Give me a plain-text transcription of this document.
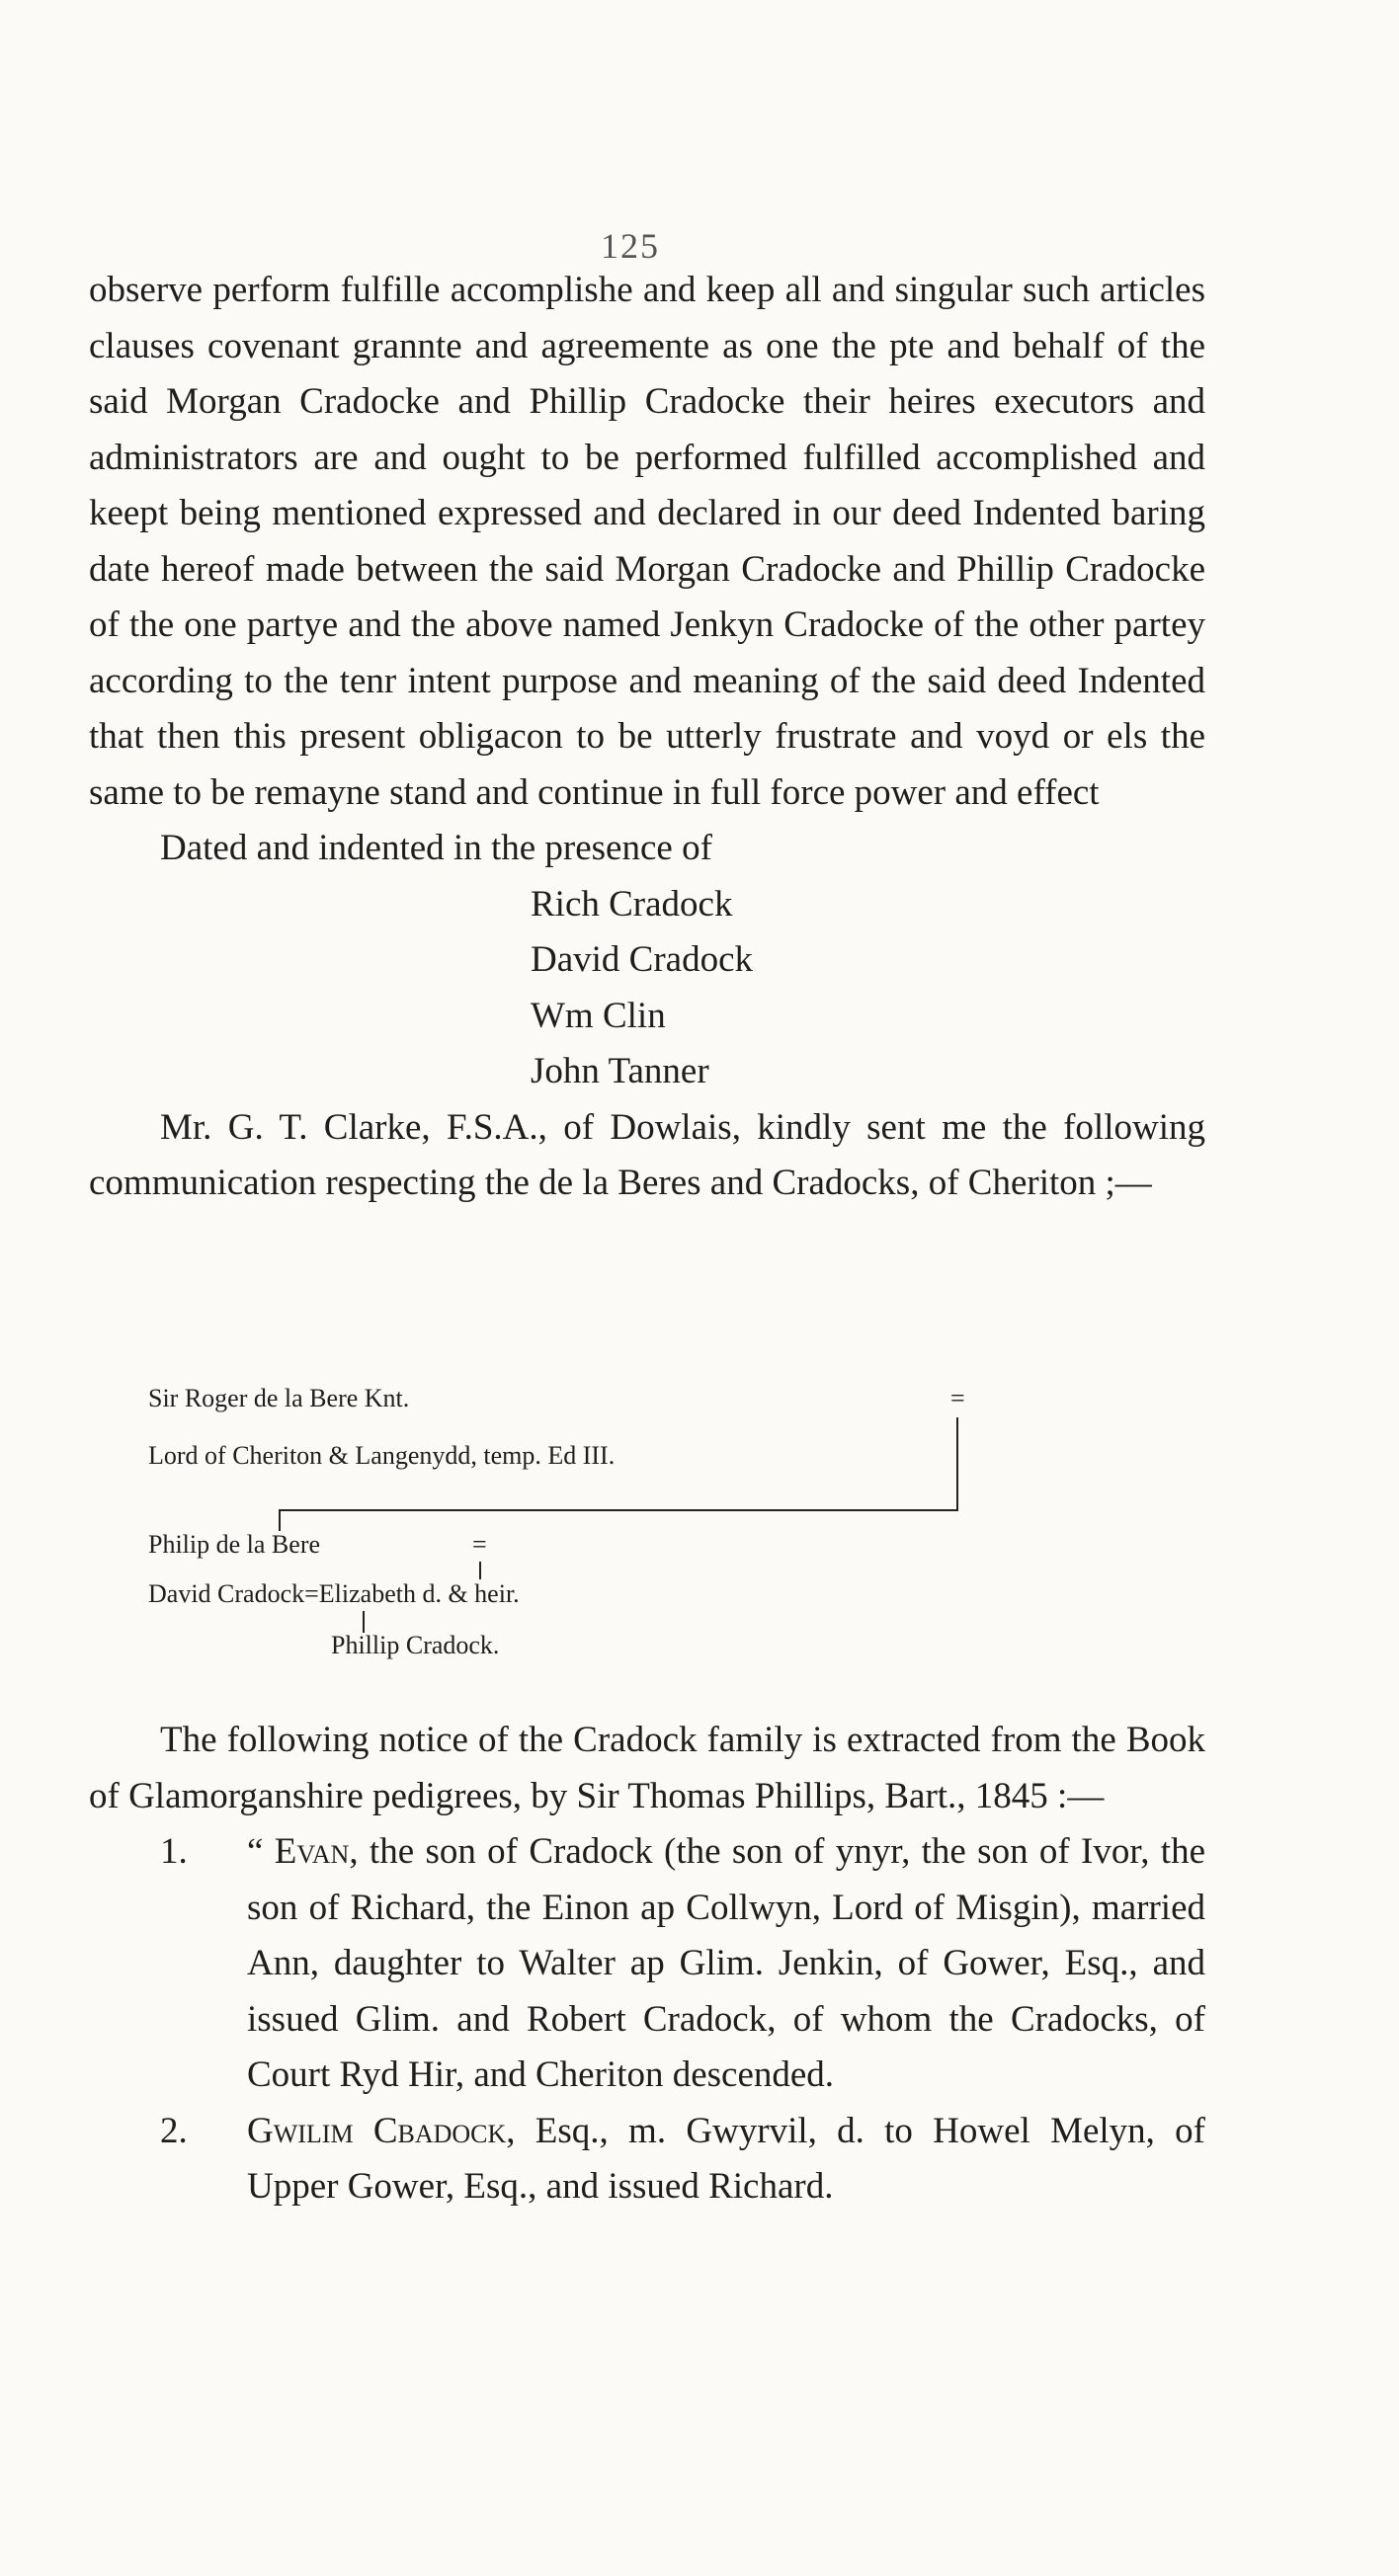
125

observe perform fulfille accomplishe and keep all and singular such articles clauses covenant grannte and agreemente as one the pte and behalf of the said Morgan Cradocke and Phillip Cradocke their heires executors and administrators are and ought to be performed fulfilled accomplished and keept being mentioned expressed and declared in our deed Indented baring date hereof made between the said Morgan Cradocke and Phillip Cradocke of the one partye and the above named Jenkyn Cradocke of the other partey according to the tenr intent purpose and meaning of the said deed Indented that then this present obligacon to be utterly frustrate and voyd or els the same to be remayne stand and continue in full force power and effect

Dated and indented in the presence of

Rich Cradock
David Cradock
Wm Clin
John Tanner

Mr. G. T. Clarke, F.S.A., of Dowlais, kindly sent me the following communication respecting the de la Beres and Cradocks, of Cheriton ;—

Sir Roger de la Bere Knt.
Lord of Cheriton & Langenydd, temp. Ed III.
=
Philip de la Bere	=
David Cradock=Elizabeth d. & heir.
Phillip Cradock.

The following notice of the Cradock family is extracted from the Book of Glamorganshire pedigrees, by Sir Thomas Phillips, Bart., 1845 :—

1.	“ Evan, the son of Cradock (the son of ynyr, the son of Ivor, the son of Richard, the Einon ap Collwyn, Lord of Misgin), married Ann, daughter to Walter ap Glim. Jenkin, of Gower, Esq., and issued Glim. and Robert Cradock, of whom the Cradocks, of Court Ryd Hir, and Cheriton descended.
2.	Gwilim Cbadock, Esq., m. Gwyrvil, d. to Howel Melyn, of Upper Gower, Esq., and issued Richard.
